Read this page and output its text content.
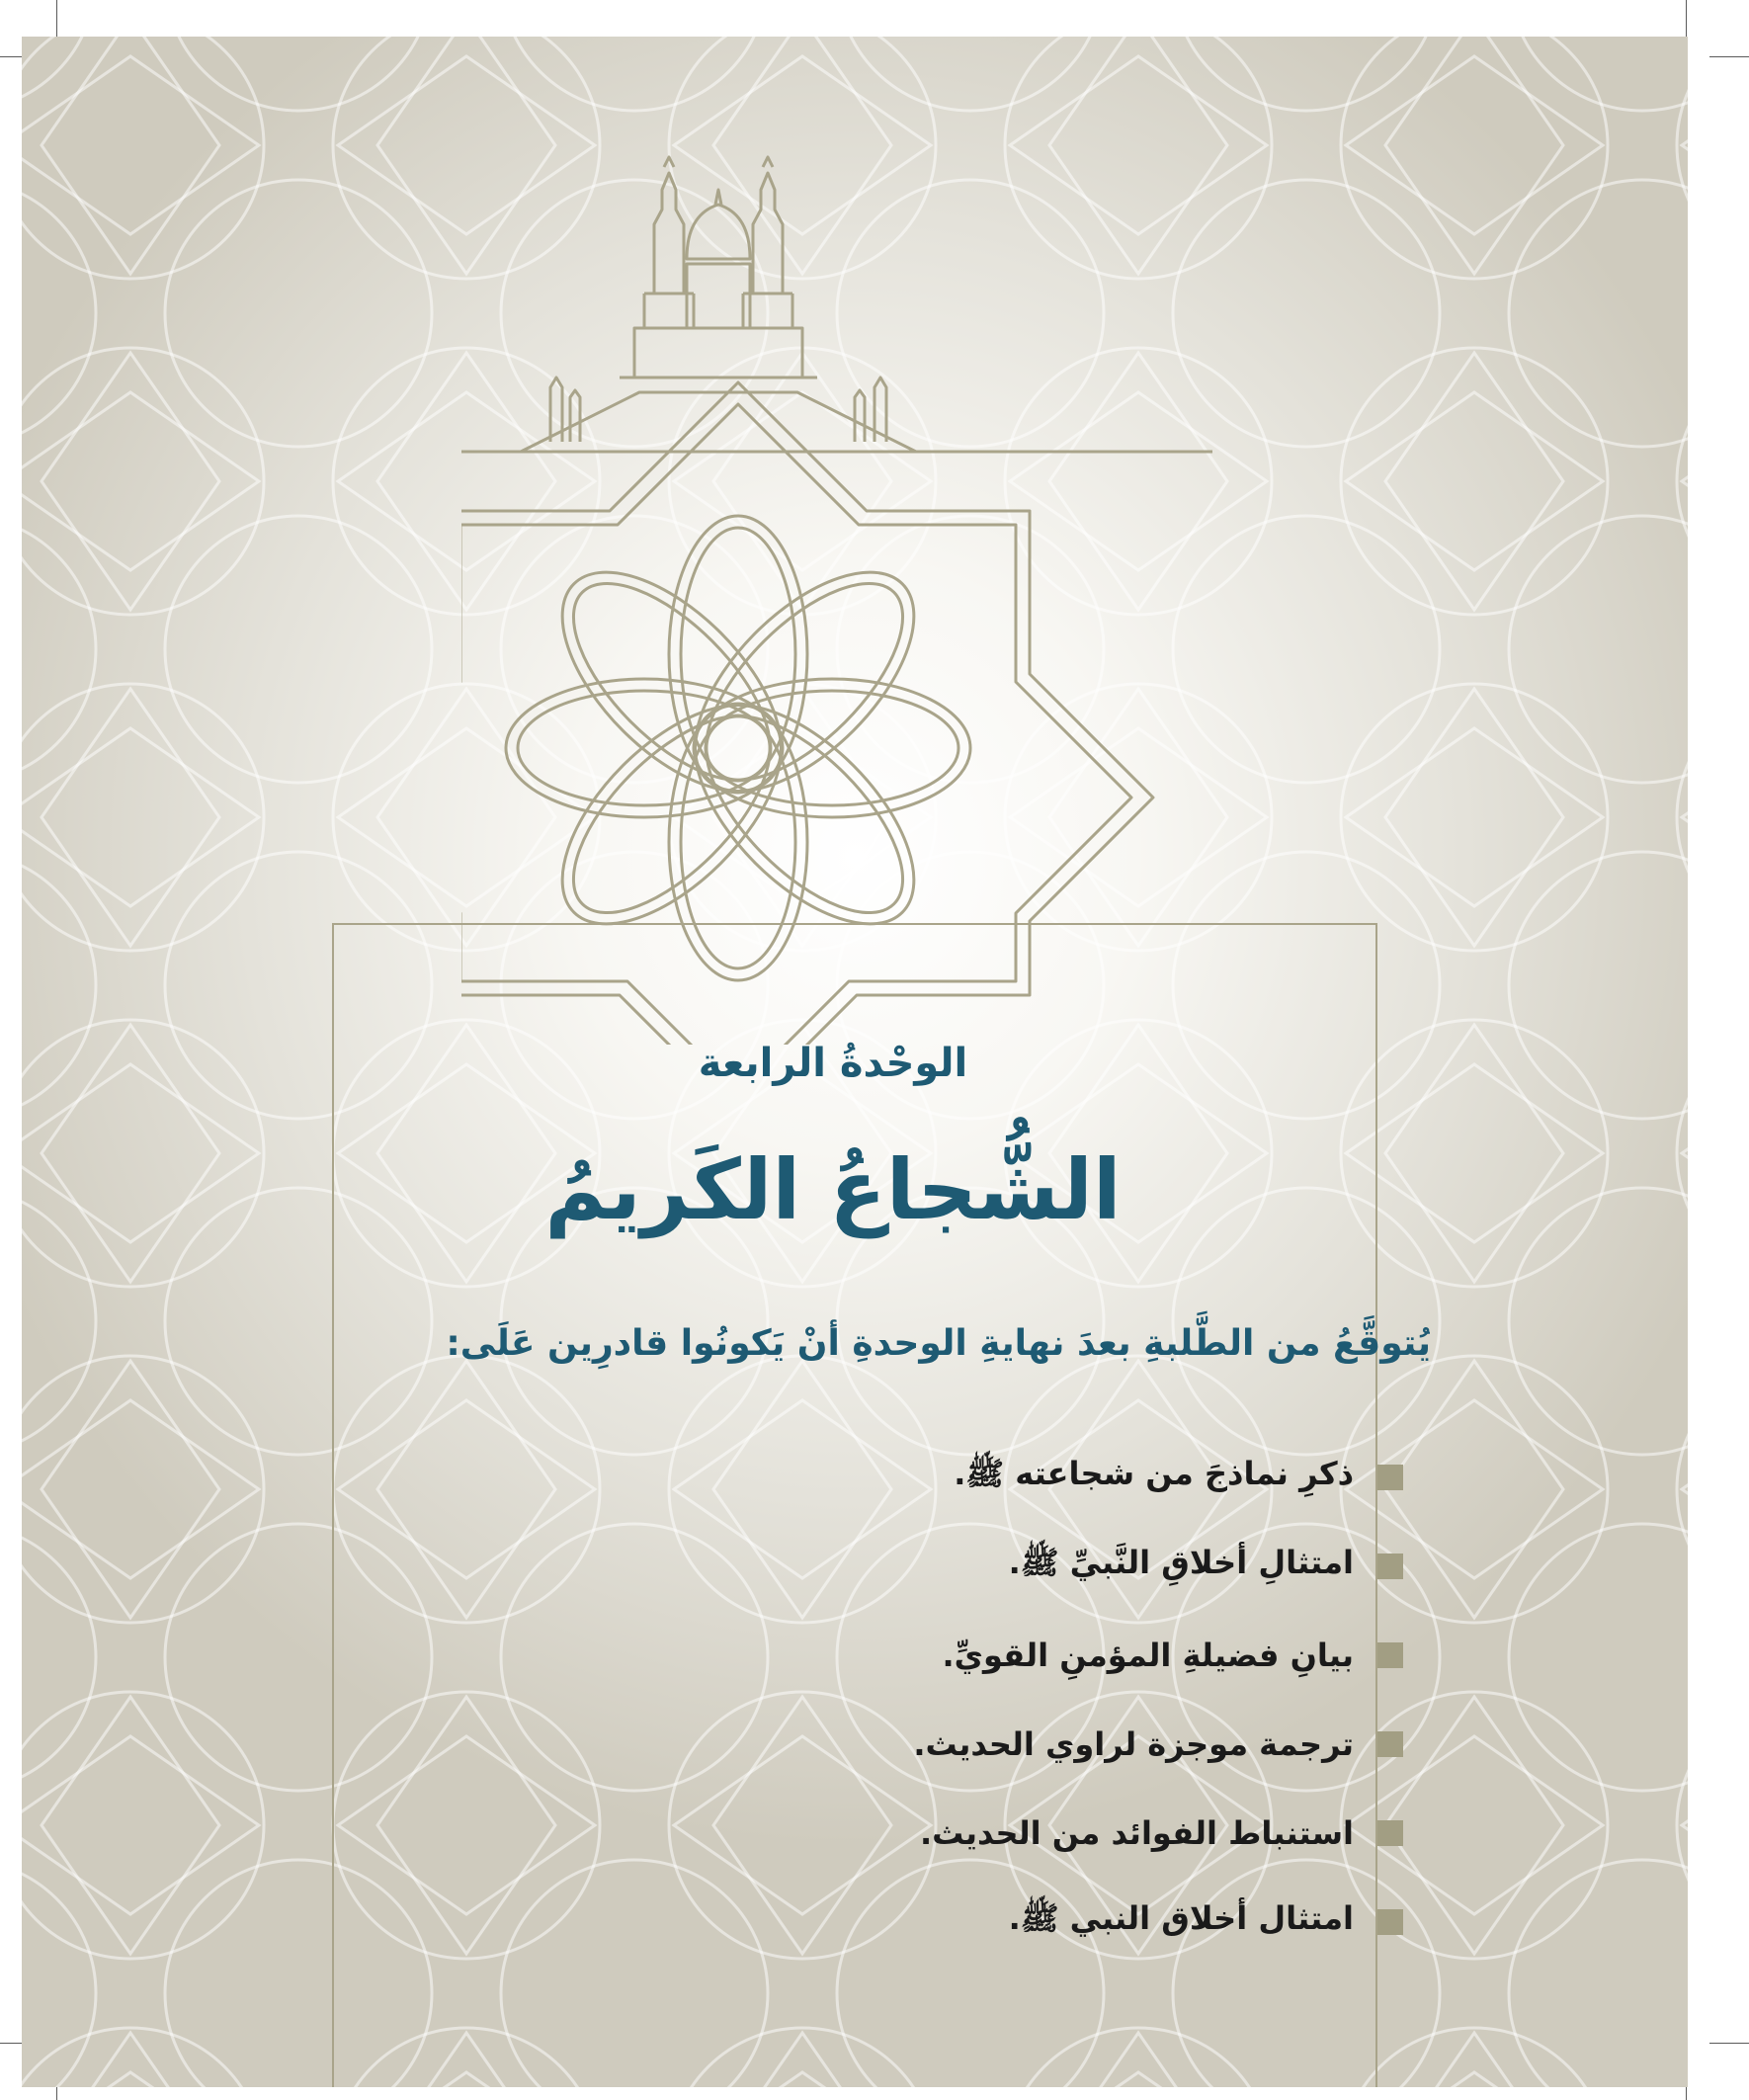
الوحْدةُ الرابعة
الشُّجاعُ الكَريمُ
يُتوقَّعُ من الطَّلبةِ بعدَ نهايةِ الوحدةِ أنْ يَكونُوا قادرِين عَلَى:
ذكرِ نماذجَ من شجاعته ﷺ.
امتثالِ أخلاقِ النَّبيِّ ﷺ.
بيانِ فضيلةِ المؤمنِ القويِّ.
ترجمة موجزة لراوي الحديث.
استنباط الفوائد من الحديث.
امتثال أخلاق النبي ﷺ.
